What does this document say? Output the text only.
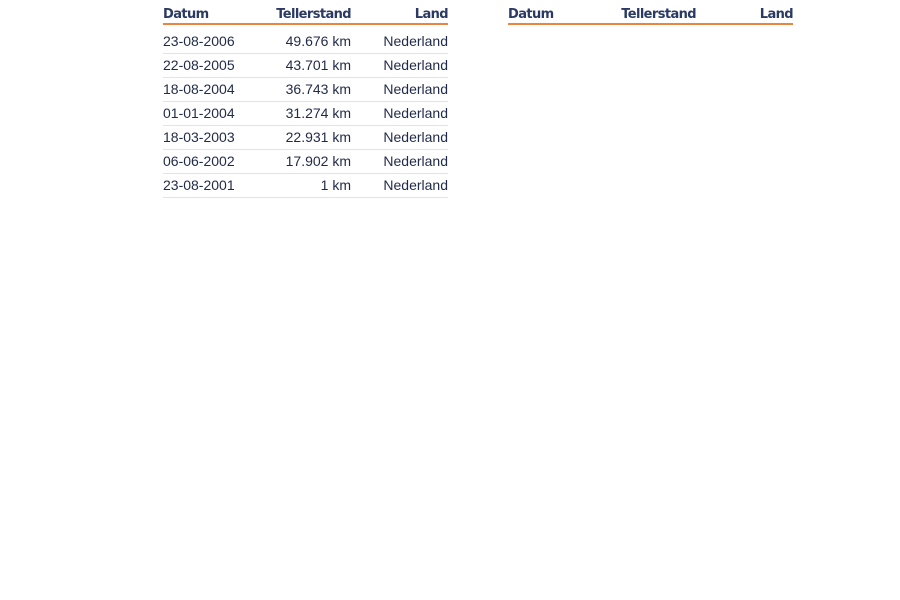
Datum	Tellerstand	Land
23-08-2006	49.676 km	Nederland
22-08-2005	43.701 km	Nederland
18-08-2004	36.743 km	Nederland
01-01-2004	31.274 km	Nederland
18-03-2003	22.931 km	Nederland
06-06-2002	17.902 km	Nederland
23-08-2001	1 km	Nederland
Datum	Tellerstand	Land
